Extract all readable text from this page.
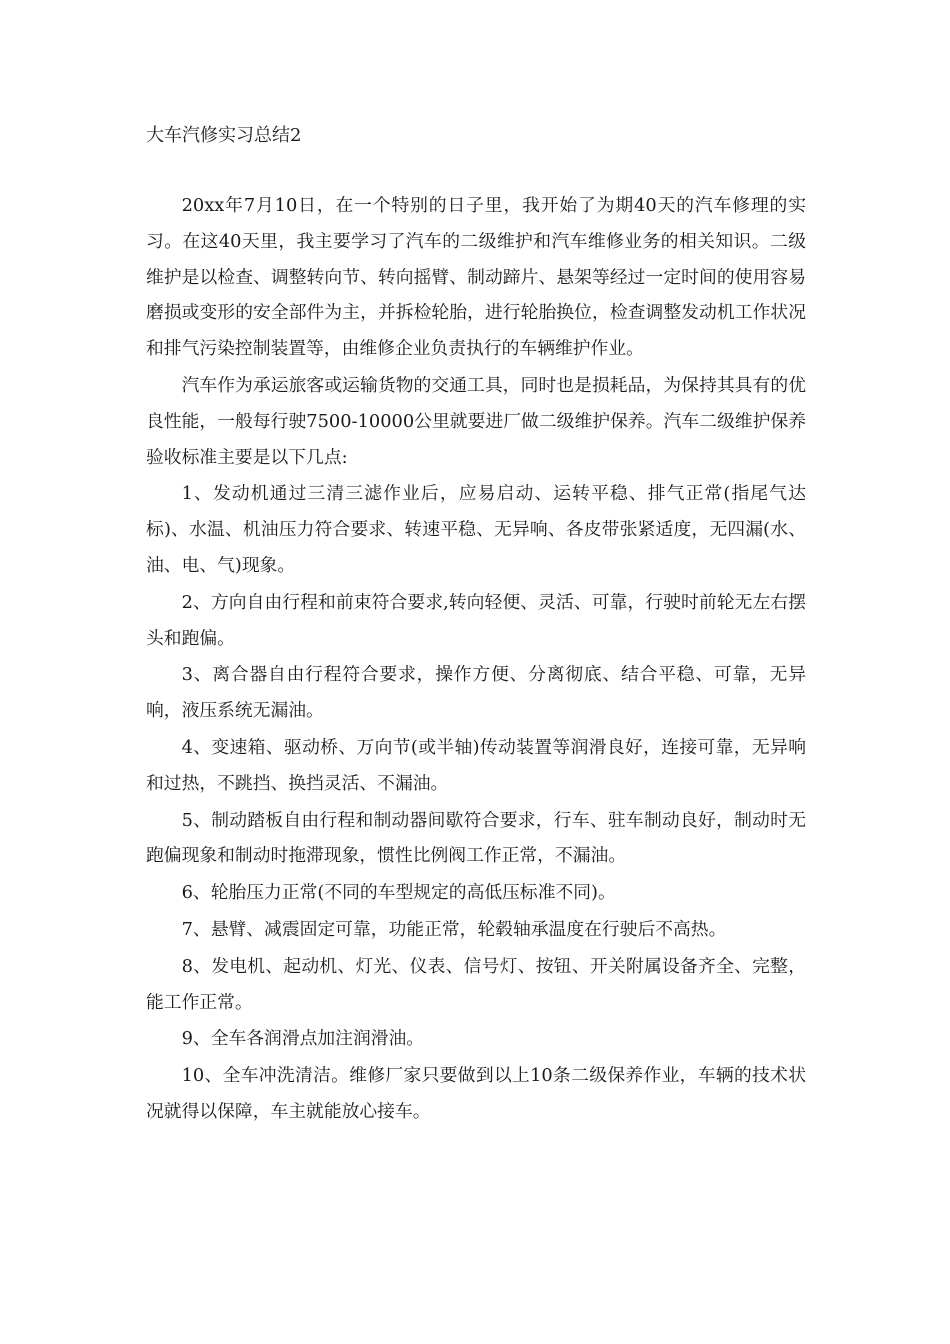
大车汽修实习总结2

20xx年7月10日，在一个特别的日子里，我开始了为期40天的汽车修理的实习。在这40天里，我主要学习了汽车的二级维护和汽车维修业务的相关知识。二级维护是以检查、调整转向节、转向摇臂、制动蹄片、悬架等经过一定时间的使用容易磨损或变形的安全部件为主，并拆检轮胎，进行轮胎换位，检查调整发动机工作状况和排气污染控制装置等，由维修企业负责执行的车辆维护作业。

汽车作为承运旅客或运输货物的交通工具，同时也是损耗品，为保持其具有的优良性能，一般每行驶7500-10000公里就要进厂做二级维护保养。汽车二级维护保养验收标准主要是以下几点:

1、发动机通过三清三滤作业后，应易启动、运转平稳、排气正常(指尾气达标)、水温、机油压力符合要求、转速平稳、无异响、各皮带张紧适度，无四漏(水、油、电、气)现象。

2、方向自由行程和前束符合要求,转向轻便、灵活、可靠，行驶时前轮无左右摆头和跑偏。

3、离合器自由行程符合要求，操作方便、分离彻底、结合平稳、可靠，无异响，液压系统无漏油。

4、变速箱、驱动桥、万向节(或半轴)传动装置等润滑良好，连接可靠，无异响和过热，不跳挡、换挡灵活、不漏油。

5、制动踏板自由行程和制动器间歇符合要求，行车、驻车制动良好，制动时无跑偏现象和制动时拖滞现象，惯性比例阀工作正常，不漏油。

6、轮胎压力正常(不同的车型规定的高低压标准不同)。

7、悬臂、减震固定可靠，功能正常，轮毂轴承温度在行驶后不高热。

8、发电机、起动机、灯光、仪表、信号灯、按钮、开关附属设备齐全、完整，能工作正常。

9、全车各润滑点加注润滑油。

10、全车冲洗清洁。维修厂家只要做到以上10条二级保养作业，车辆的技术状况就得以保障，车主就能放心接车。
